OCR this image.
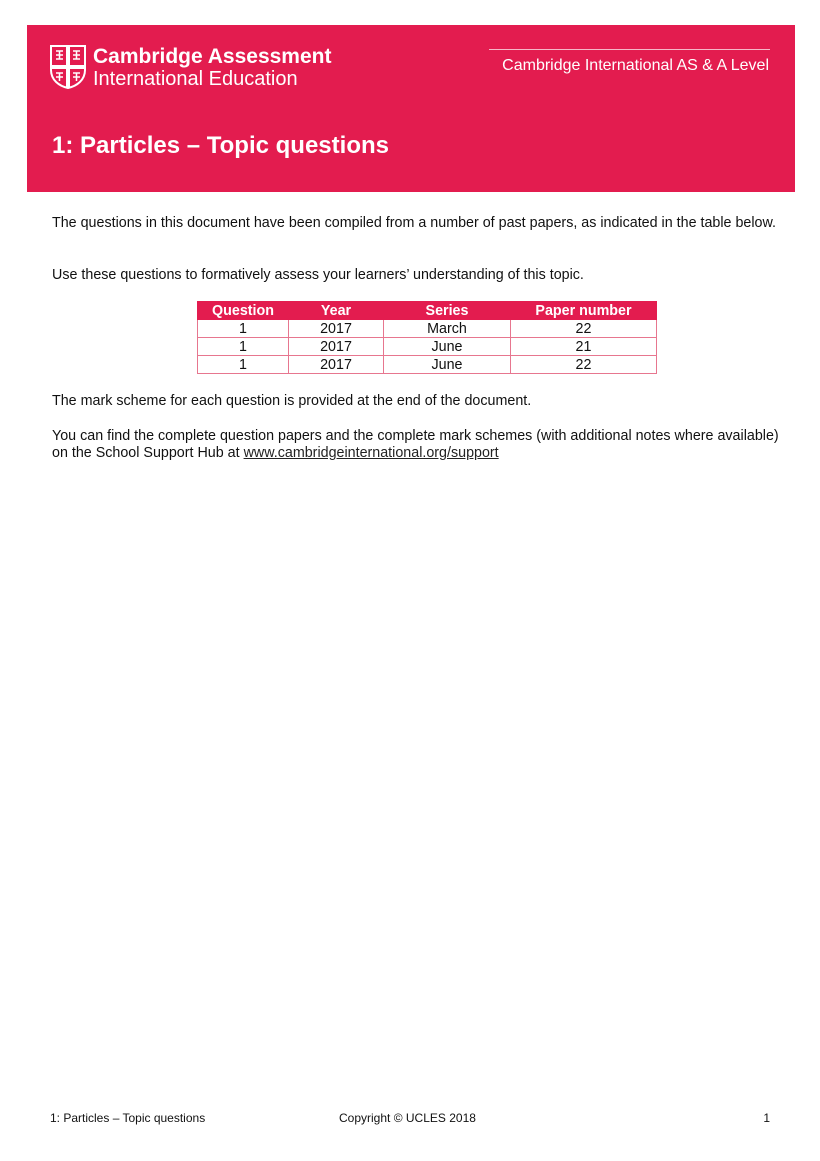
Cambridge Assessment
International Education
Cambridge International AS & A Level
1: Particles – Topic questions

The questions in this document have been compiled from a number of past papers, as indicated in the table below.

Use these questions to formatively assess your learners’ understanding of this topic.

Question	Year	Series	Paper number
1	2017	March	22
1	2017	June	21
1	2017	June	22

The mark scheme for each question is provided at the end of the document.

You can find the complete question papers and the complete mark schemes (with additional notes where available) on the School Support Hub at www.cambridgeinternational.org/support

1: Particles – Topic questions	Copyright © UCLES 2018	1
